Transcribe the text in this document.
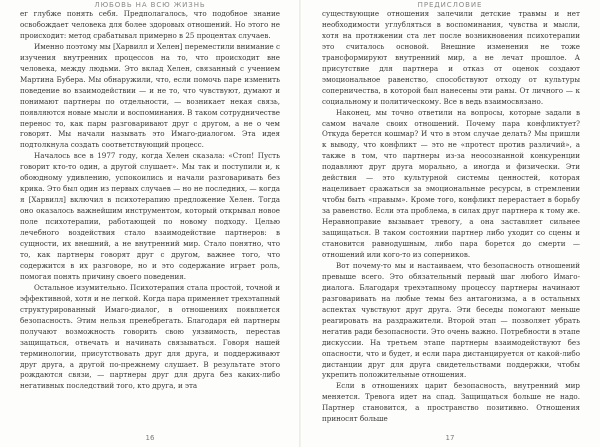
ЛЮБОВЬ НА ВСЮ ЖИЗНЬ

ег глубже понять себя. Предполагалось, что подобное знание освобождает человека для более здоровых отношений. Но этого не происходит: метод срабатывал примерно в 25 процентах случаев.

Именно поэтому мы [Харвилл и Хелен] переместили внимание с изучения внутренних процессов на то, что происходит вне человека, между людьми. Это вклад Хелен, связанный с учением Мартина Бубера. Мы обнаружили, что, если помочь паре изменить поведение во взаимодействии — и не то, что чувствуют, думают и понимают партнеры по отдельности, — возникает некая связь, появляются новые мысли и воспоминания. В таком сотрудничестве перенос то, как пары разговаривают друг с другом, а не о чем говорят. Мы начали называть это Имаго-диалогом. Эта идея подтолкнула создать соответствующий процесс.

Началось все в 1977 году, когда Хелен сказала: «Стоп! Пусть говорит кто-то один, а другой слушает». Мы так и поступили и, к обоюдному удивлению, успокоились и начали разговаривать без крика. Это был один из первых случаев — но не последних, — когда я [Харвилл] включил в психотерапию предложение Хелен. Тогда оно оказалось важнейшим инструментом, который открывал новое поле психотерапии, работающей по новому подходу. Целью лечебного воздействия стало взаимодействие партнеров: в сущности, их внешний, а не внутренний мир. Стало понятно, что то, как партнеры говорят друг с другом, важнее того, что содержится в их разговоре, но и это содержание играет роль, помогая понять причину своего поведения.

Остальное изумительно. Психотерапия стала простой, точной и эффективной, хотя и не легкой. Когда пара применяет трехэтапный структурированный Имаго-диалог, в отношениях появляется безопасность. Этим нельзя пренебрегать. Благодаря ей партнеры получают возможность говорить свою уязвимость, перестав защищаться, отвечать и начинать связываться. Говоря нашей терминологии, присутствовать друг для друга, и поддерживают друг друга, а другой по-прежнему слушает. В результате этого рождаются связи, — партнеры друг для друга без каких-либо негативных последствий того, кто друга, и эта

16
ПРЕДИСЛОВИЕ

существующие отношения залечили детские травмы и нет необходимости углубляться в воспоминания, чувства и мысли, хотя на протяжении ста лет после возникновения психотерапии это считалось основой. Внешние изменения не тоже трансформируют внутренний мир, а не лечат прошлое. А присутствие для партнера и отказ от оценок создают эмоциональное равенство, способствуют отходу от культуры соперничества, в которой был нанесены эти раны. От личного — к социальному и политическому. Все в ведь взаимосвязано.

Наконец, мы точно ответили на вопросы, которые задали в самом начале своих отношений. Почему пара конфликтует? Откуда берется кошмар? И что в этом случае делать? Мы пришли к выводу, что конфликт — это не «протест против различий», а также в том, что партнеры из-за неосознанной конкуренции подавляют друг друга морально, а иногда и физически. Эти действия — это культурной системы ценностей, которая нацеливает сражаться за эмоциональные ресурсы, в стремлении чтобы быть «правым». Кроме того, конфликт перерастает в борьбу за равенство. Если эта проблема, в силах друг партнера к тому же. Неравноправие вызывает тревогу, а она заставляет сильнее защищаться. В таком состоянии партнер либо уходит со сцены и становится равнодушным, либо пара борется до смерти — отношений или кого-то из соперников.

Вот почему-то мы и настаиваем, что безопасность отношений превыше всего. Это обязательный первый шаг любого Имаго-диалога. Благодаря трехэтапному процессу партнеры начинают разговаривать на любые темы без антагонизма, а в остальных аспектах чувствуют друг друга. Эти беседы помогают меньше реагировать на раздражители. Второй этап — позволяет убрать негатив ради безопасности. Это очень важно. Потребности в этапе дискуссии. На третьем этапе партнеры взаимодействуют без опасности, что и будет, и если пара дистанцируется от какой-либо дистанции друг для друга свидетельствами поддержки, чтобы укрепить положительные отношения.

Если в отношениях царит безопасность, внутренний мир меняется. Тревога идет на спад. Защищаться больше не надо. Партнер становится, а пространство позитивно. Отношения приносят больше

17
